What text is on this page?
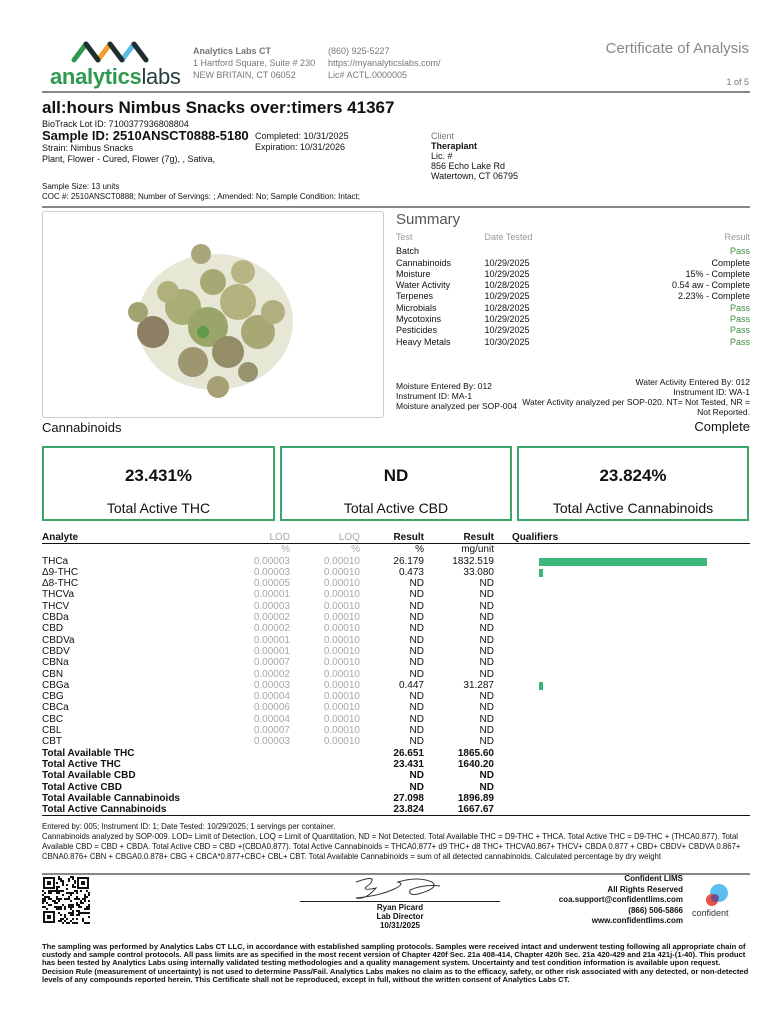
analyticslabs
Analytics Labs CT
1 Hartford Square, Suite # 230
NEW BRITAIN, CT 06052
(860) 925-5227
https://myanalyticslabs.com/
Lic# ACTL.0000005
Certificate of Analysis
1 of 5
all:hours Nimbus Snacks over:timers 41367
BioTrack Lot ID: 7100377936808804
Sample ID: 2510ANSCT0888-5180
Strain: Nimbus Snacks
Plant, Flower - Cured, Flower (7g), , Sativa,
Completed: 10/31/2025
Expiration: 10/31/2026
Client
Theraplant
Lic. #
856 Echo Lake Rd
Watertown, CT 06795
Sample Size: 13 units
COC #: 2510ANSCT0888; Number of Servings: ; Amended: No; Sample Condition: Intact;
Summary
Test	Date Tested	Result
Batch		Pass
Cannabinoids	10/29/2025	Complete
Moisture	10/29/2025	15% - Complete
Water Activity	10/28/2025	0.54 aw - Complete
Terpenes	10/29/2025	2.23% - Complete
Microbials	10/28/2025	Pass
Mycotoxins	10/29/2025	Pass
Pesticides	10/29/2025	Pass
Heavy Metals	10/30/2025	Pass
Moisture Entered By: 012
Instrument ID: MA-1
Moisture analyzed per SOP-004
Water Activity Entered By: 012
Instrument ID: WA-1
Water Activity analyzed per SOP-020. NT= Not Tested, NR = Not Reported.
Cannabinoids	Complete
23.431%
Total Active THC
ND
Total Active CBD
23.824%
Total Active Cannabinoids
Analyte	LOD	LOQ	Result	Result	Qualifiers
	%	%	%	mg/unit	
THCa	0.00003	0.00010	26.179	1832.519	

Δ9-THC	0.00003	0.00010	0.473	33.080	

Δ8-THC	0.00005	0.00010	ND	ND	
THCVa	0.00001	0.00010	ND	ND	
THCV	0.00003	0.00010	ND	ND	
CBDa	0.00002	0.00010	ND	ND	
CBD	0.00002	0.00010	ND	ND	
CBDVa	0.00001	0.00010	ND	ND	
CBDV	0.00001	0.00010	ND	ND	
CBNa	0.00007	0.00010	ND	ND	
CBN	0.00002	0.00010	ND	ND	
CBGa	0.00003	0.00010	0.447	31.287	

CBG	0.00004	0.00010	ND	ND	
CBCa	0.00006	0.00010	ND	ND	
CBC	0.00004	0.00010	ND	ND	
CBL	0.00007	0.00010	ND	ND	
CBT	0.00003	0.00010	ND	ND	
Total Available THC			26.651	1865.60	
Total Active THC			23.431	1640.20	
Total Available CBD			ND	ND	
Total Active CBD			ND	ND	
Total Available Cannabinoids			27.098	1896.89	
Total Active Cannabinoids			23.824	1667.67	
Entered by: 005; Instrument ID: 1; Date Tested: 10/29/2025; 1 servings per container.
Cannabinoids analyzed by SOP-009. LOD= Limit of Detection, LOQ = Limit of Quantitation, ND = Not Detected. Total Available THC = D9-THC + THCA. Total Active THC = D9-THC + (THCA0.877). Total Available CBD = CBD + CBDA. Total Active CBD = CBD +(CBDA0.877). Total Active Cannabinoids = THCA0.877+ d9 THC+ d8 THC+ THCVA0.867+ THCV+ CBDA 0.877 + CBD+ CBDV+ CBDVA 0.867+ CBNA0.876+ CBN + CBGA0.0.878+ CBG + CBCA*0.877+CBC+ CBL+ CBT. Total Available Cannabinoids = sum of all detected cannabinoids. Calculated percentage by dry weight
Ryan Picard
Lab Director
10/31/2025
Confident LIMS
All Rights Reserved
coa.support@confidentlims.com
(866) 506-5866
www.confidentlims.com
confident
The sampling was performed by Analytics Labs CT LLC, in accordance with established sampling protocols. Samples were received intact and underwent testing following all appropriate chain of custody and sample control protocols. All pass limits are as specified in the most recent version of Chapter 420f Sec. 21a 408-414, Chapter 420h Sec. 21a 420-429 and 21a 421j-(1-40). This product has been tested by Analytics Labs using internally validated testing methodologies and a quality management system. Uncertainty and test condition information is available upon request. Decision Rule (measurement of uncertainty) is not used to determine Pass/Fail. Analytics Labs makes no claim as to the efficacy, safety, or other risk associated with any detected, or non-detected levels of any compounds reported herein. This Certificate shall not be reproduced, except in full, without the written consent of Analytics Labs CT.
